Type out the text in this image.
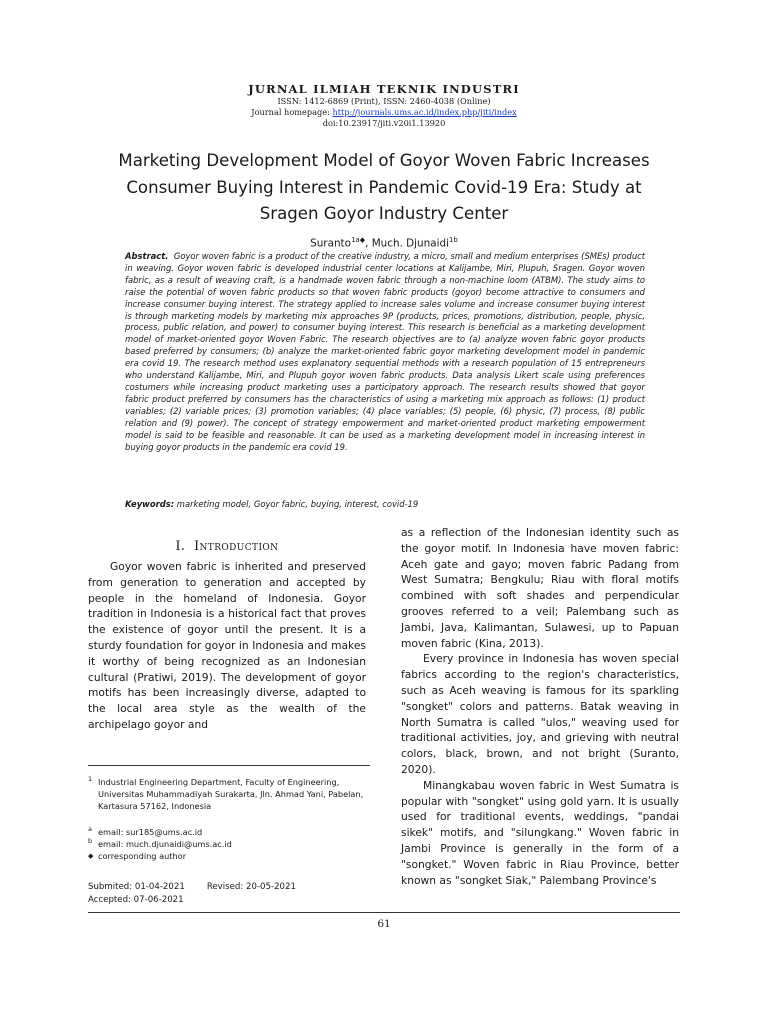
JURNAL ILMIAH TEKNIK INDUSTRI
ISSN: 1412-6869 (Print), ISSN: 2460-4038 (Online)
Journal homepage: http://journals.ums.ac.id/index.php/jiti/index
doi:10.23917/jiti.v20i1.13920
Marketing Development Model of Goyor Woven Fabric Increases Consumer Buying Interest in Pandemic Covid-19 Era: Study at Sragen Goyor Industry Center
Suranto$^{1a◆}$, Much. Djunaidi$^{1b}$
Abstract. Goyor woven fabric is a product of the creative industry, a micro, small and medium enterprises (SMEs) product in weaving. Goyor woven fabric is developed industrial center locations at Kalijambe, Miri, Plupuh, Sragen. Goyor woven fabric, as a result of weaving craft, is a handmade woven fabric through a non-machine loom (ATBM). The study aims to raise the potential of woven fabric products so that woven fabric products (goyor) become attractive to consumers and increase consumer buying interest. The strategy applied to increase sales volume and increase consumer buying interest is through marketing models by marketing mix approaches 9P (products, prices, promotions, distribution, people, physic, process, public relation, and power) to consumer buying interest. This research is beneficial as a marketing development model of market-oriented goyor Woven Fabric. The research objectives are to (a) analyze woven fabric goyor products based preferred by consumers; (b) analyze the market-oriented fabric goyor marketing development model in pandemic era covid 19. The research method uses explanatory sequential methods with a research population of 15 entrepreneurs who understand Kalijambe, Miri, and Plupuh goyor woven fabric products. Data analysis Likert scale using preferences costumers while increasing product marketing uses a participatory approach. The research results showed that goyor fabric product preferred by consumers has the characteristics of using a marketing mix approach as follows: (1) product variables; (2) variable prices; (3) promotion variables; (4) place variables; (5) people, (6) physic, (7) process, (8) public relation and (9) power). The concept of strategy empowerment and market-oriented product marketing empowerment model is said to be feasible and reasonable. It can be used as a marketing development model in increasing interest in buying goyor products in the pandemic era covid 19.
Keywords: marketing model, Goyor fabric, buying, interest, covid-19
I. Introduction

Goyor woven fabric is inherited and preserved from generation to generation and accepted by people in the homeland of Indonesia. Goyor tradition in Indonesia is a historical fact that proves the existence of goyor until the present. It is a sturdy foundation for goyor in Indonesia and makes it worthy of being recognized as an Indonesian cultural (Pratiwi, 2019). The development of goyor motifs has been increasingly diverse, adapted to the local area style as the wealth of the archipelago goyor and

as a reflection of the Indonesian identity such as the goyor motif. In Indonesia have moven fabric: Aceh gate and gayo; moven fabric Padang from West Sumatra; Bengkulu; Riau with floral motifs combined with soft shades and perpendicular grooves referred to a veil; Palembang such as Jambi, Java, Kalimantan, Sulawesi, up to Papuan moven fabric (Kina, 2013).

Every province in Indonesia has woven special fabrics according to the region's characteristics, such as Aceh weaving is famous for its sparkling "songket" colors and patterns. Batak weaving in North Sumatra is called "ulos," weaving used for traditional activities, joy, and grieving with neutral colors, black, brown, and not bright (Suranto, 2020).

Minangkabau woven fabric in West Sumatra is popular with "songket" using gold yarn. It is usually used for traditional events, weddings, "pandai sikek" motifs, and "silungkang." Woven fabric in Jambi Province is generally in the form of a "songket." Woven fabric in Riau Province, better known as "songket Siak," Palembang Province's

1 Industrial Engineering Department, Faculty of Engineering, Universitas Muhammadiyah Surakarta, Jln. Ahmad Yani, Pabelan, Kartasura 57162, Indonesia
a email: sur185@ums.ac.id
b email: much.djunaidi@ums.ac.id
◆ corresponding author
Submited: 01-04-2021	Revised: 20-05-2021
Accepted: 07-06-2021
61
